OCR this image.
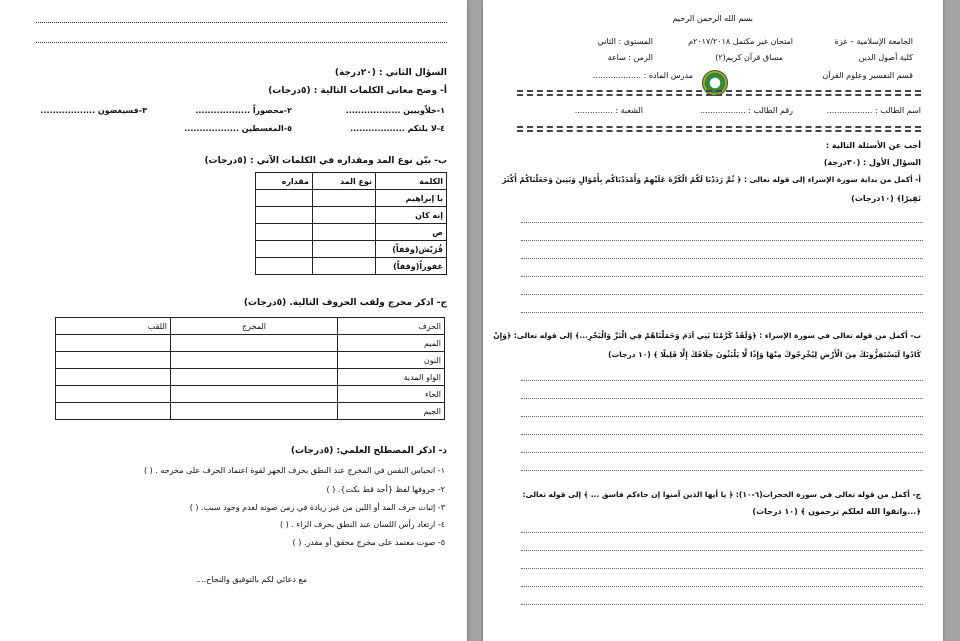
السؤال الثاني : (٢٠درجة)
أ- وضح معانى الكلمات التالية : (٥درجات)
١-خلاّوييين ..................
٢-محصوراً ..................
٣-فسيغضون ..................
٤-لا يلتكم ..................
٥-المغسطين ..................
ب- بيّن نوع المد ومقداره في الكلمات الآتي : (٥درجات)
الكلمة	نوع المد	مقداره
يا إبراهيم		
إنه كان		
ص		
قُرَيْش(وقفاً)		
غفوراً(وقفاً)		
ج- اذكر مخرج ولقب الحروف التالية. (٥درجات)
الحرف	المخرج	اللقب
الميم		
النون		
الواو المدية		
الحاء		
الجيم		
د- اذكر المصطلح العلمي: (٥درجات)
١- انحباس النفس في المخرج عند النطق بحرف الجهر لقوة اعتماد الحرف على مخرجه . ( )
٢- حروفها لفظ {أجد قط بكت}. ( )
٣- إثبات حرف المد أو اللين من غير زيادة في زمن صوته لعدم وجود سبب. ( )
٤- ارتعاد رأس اللسان عند النطق بحرف الراء . ( )
٥- صوت معتمد على مخرج محقق أو مقدر. ( )
مع دعائي لكم بالتوفيق والنجاح....
بسم الله الرحمن الرحيم
الجامعة الإسلامية – غزة
كلية أصول الدين
قسم التفسير وعلوم القرآن
امتحان غير مكتمل ٢٠١٧/٢٠١٨م
مساق قرآن كريم(٢)
المستوى : الثاني
الزمن : ساعة
مدرس المادة : ...................
اسم الطالب : ..................
رقم الطالب : ..................
الشعبة : ...............
أجب عن الأسئلة التالية :
السؤال الأول : (٣٠درجة)
أ- أكمل من بداية سورة الإسراء إلى قوله تعالى : ﴿ ثُمَّ رَدَدْنَا لَكُمُ الْكَرَّةَ عَلَيْهِمْ وَأَمْدَدْنَاكُم بِأَمْوَالٍ وَبَنِينَ وَجَعَلْنَاكُمْ أَكْثَرَ
نَفِيرًا﴾ (١٠درجات)
ب- أكمل من قوله تعالى في سورة الإسراء : ﴿وَلَقَدْ كَرَّمْنَا بَنِي آدَمَ وَحَمَلْنَاهُمْ فِي الْبَرِّ وَالْبَحْرِ...﴾ إلى قوله تعالى: ﴿وَإِنْ
كَادُوا لَيَسْتَفِزُّونَكَ مِنَ الْأَرْضِ لِيُخْرِجُوكَ مِنْهَا وَإِذًا لَّا يَلْبَثُونَ خِلَافَكَ إِلَّا قَلِيلًا ﴾ (١٠ درجات)
ج- أكمل من قوله تعالى في سورة الحجرات(٦-١٠): ﴿ يا أيها الذين آمنوا إن جاءكم فاسق ... ﴾ إلى قوله تعالى:
﴿...واتقوا الله لعلكم ترحمون ﴾ (١٠ درجات)
